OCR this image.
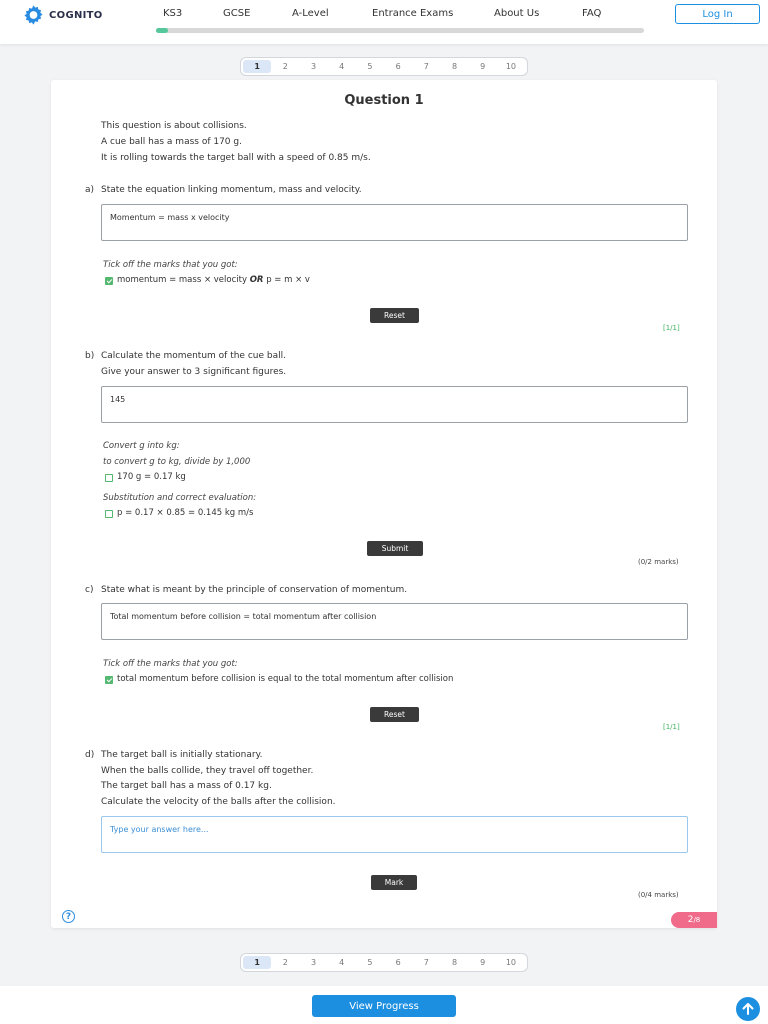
COGNITO	KS3	GCSE	A-Level	Entrance Exams	About Us	FAQ	Log In
1	2	3	4	5	6	7	8	9	10
Question 1
This question is about collisions.
A cue ball has a mass of 170 g.
It is rolling towards the target ball with a speed of 0.85 m/s.
a) State the equation linking momentum, mass and velocity.
Momentum = mass x velocity
Tick off the marks that you got:
momentum = mass × velocity OR p = m × v
Reset
[1/1]
b) Calculate the momentum of the cue ball.
Give your answer to 3 significant figures.
145
Convert g into kg:
to convert g to kg, divide by 1,000
170 g = 0.17 kg
Substitution and correct evaluation:
p = 0.17 × 0.85 = 0.145 kg m/s
Submit
(0/2 marks)
c) State what is meant by the principle of conservation of momentum.
Total momentum before collision = total momentum after collision
Tick off the marks that you got:
total momentum before collision is equal to the total momentum after collision
Reset
[1/1]
d) The target ball is initially stationary.
When the balls collide, they travel off together.
The target ball has a mass of 0.17 kg.
Calculate the velocity of the balls after the collision.
Type your answer here...
Mark
(0/4 marks)
?	2 /8
1	2	3	4	5	6	7	8	9	10
View Progress
